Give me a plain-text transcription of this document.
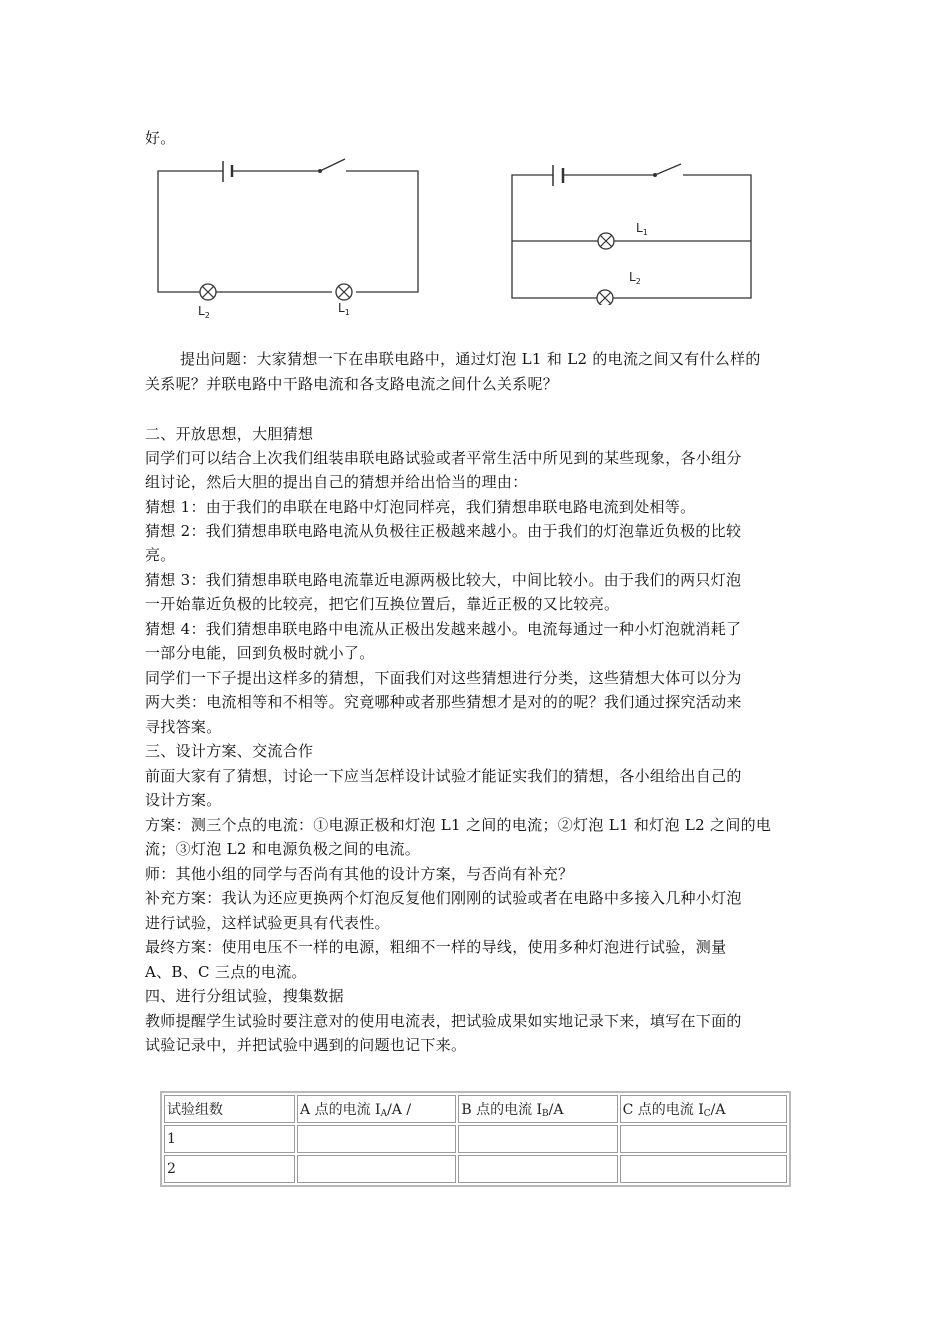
好。
$L_2$
$L_1$
$L_1$
$L_2$
提出问题：大家猜想一下在串联电路中，通过灯泡 L1 和 L2 的电流之间又有什么样的
关系呢？并联电路中干路电流和各支路电流之间什么关系呢？
二、开放思想，大胆猜想
同学们可以结合上次我们组装串联电路试验或者平常生活中所见到的某些现象，各小组分
组讨论，然后大胆的提出自己的猜想并给出恰当的理由：
猜想 1：由于我们的串联在电路中灯泡同样亮，我们猜想串联电路电流到处相等。
猜想 2：我们猜想串联电路电流从负极往正极越来越小。由于我们的灯泡靠近负极的比较
亮。
猜想 3：我们猜想串联电路电流靠近电源两极比较大，中间比较小。由于我们的两只灯泡
一开始靠近负极的比较亮，把它们互换位置后，靠近正极的又比较亮。
猜想 4：我们猜想串联电路中电流从正极出发越来越小。电流每通过一种小灯泡就消耗了
一部分电能，回到负极时就小了。
同学们一下子提出这样多的猜想，下面我们对这些猜想进行分类，这些猜想大体可以分为
两大类：电流相等和不相等。究竟哪种或者那些猜想才是对的的呢？我们通过探究活动来
寻找答案。
三、设计方案、交流合作
前面大家有了猜想，讨论一下应当怎样设计试验才能证实我们的猜想，各小组给出自己的
设计方案。
方案：测三个点的电流：①电源正极和灯泡 L1 之间的电流；②灯泡 L1 和灯泡 L2 之间的电
流；③灯泡 L2 和电源负极之间的电流。
师：其他小组的同学与否尚有其他的设计方案，与否尚有补充？
补充方案：我认为还应更换两个灯泡反复他们刚刚的试验或者在电路中多接入几种小灯泡
进行试验，这样试验更具有代表性。
最终方案：使用电压不一样的电源，粗细不一样的导线，使用多种灯泡进行试验，测量
A、B、C 三点的电流。
四、进行分组试验，搜集数据
教师提醒学生试验时要注意对的使用电流表，把试验成果如实地记录下来，填写在下面的
试验记录中，并把试验中遇到的问题也记下来。
试验组数	A 点的电流 $I_A/A$ /	B 点的电流 $I_B/A$	C 点的电流 $I_C/A$
1			
2			
